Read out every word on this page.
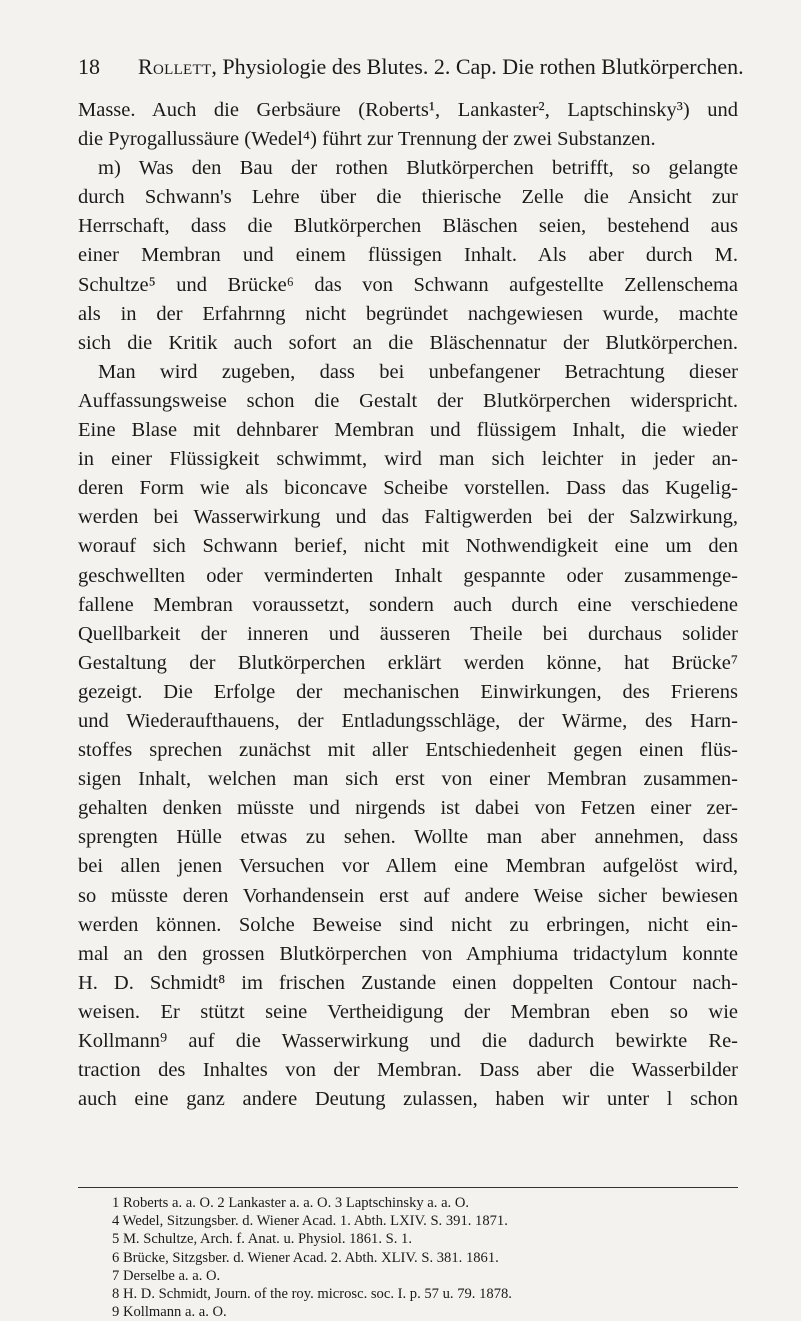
18 Rollett, Physiologie des Blutes. 2. Cap. Die rothen Blutkörperchen.
Masse. Auch die Gerbsäure (Roberts¹, Lankaster², Laptschinsky³) und
die Pyrogallussäure (Wedel⁴) führt zur Trennung der zwei Substanzen.
m) Was den Bau der rothen Blutkörperchen betrifft, so gelangte
durch Schwann's Lehre über die thierische Zelle die Ansicht zur
Herrschaft, dass die Blutkörperchen Bläschen seien, bestehend aus
einer Membran und einem flüssigen Inhalt. Als aber durch M.
Schultze⁵ und Brücke⁶ das von Schwann aufgestellte Zellenschema
als in der Erfahrnng nicht begründet nachgewiesen wurde, machte
sich die Kritik auch sofort an die Bläschennatur der Blutkörperchen.
Man wird zugeben, dass bei unbefangener Betrachtung dieser
Auffassungsweise schon die Gestalt der Blutkörperchen widerspricht.
Eine Blase mit dehnbarer Membran und flüssigem Inhalt, die wieder
in einer Flüssigkeit schwimmt, wird man sich leichter in jeder an-
deren Form wie als biconcave Scheibe vorstellen. Dass das Kugelig-
werden bei Wasserwirkung und das Faltigwerden bei der Salzwirkung,
worauf sich Schwann berief, nicht mit Nothwendigkeit eine um den
geschwellten oder verminderten Inhalt gespannte oder zusammenge-
fallene Membran voraussetzt, sondern auch durch eine verschiedene
Quellbarkeit der inneren und äusseren Theile bei durchaus solider
Gestaltung der Blutkörperchen erklärt werden könne, hat Brücke⁷
gezeigt. Die Erfolge der mechanischen Einwirkungen, des Frierens
und Wiederaufthauens, der Entladungsschläge, der Wärme, des Harn-
stoffes sprechen zunächst mit aller Entschiedenheit gegen einen flüs-
sigen Inhalt, welchen man sich erst von einer Membran zusammen-
gehalten denken müsste und nirgends ist dabei von Fetzen einer zer-
sprengten Hülle etwas zu sehen. Wollte man aber annehmen, dass
bei allen jenen Versuchen vor Allem eine Membran aufgelöst wird,
so müsste deren Vorhandensein erst auf andere Weise sicher bewiesen
werden können. Solche Beweise sind nicht zu erbringen, nicht ein-
mal an den grossen Blutkörperchen von Amphiuma tridactylum konnte
H. D. Schmidt⁸ im frischen Zustande einen doppelten Contour nach-
weisen. Er stützt seine Vertheidigung der Membran eben so wie
Kollmann⁹ auf die Wasserwirkung und die dadurch bewirkte Re-
traction des Inhaltes von der Membran. Dass aber die Wasserbilder
auch eine ganz andere Deutung zulassen, haben wir unter l schon
1 Roberts a. a. O. 2 Lankaster a. a. O. 3 Laptschinsky a. a. O.
4 Wedel, Sitzungsber. d. Wiener Acad. 1. Abth. LXIV. S. 391. 1871.
5 M. Schultze, Arch. f. Anat. u. Physiol. 1861. S. 1.
6 Brücke, Sitzgsber. d. Wiener Acad. 2. Abth. XLIV. S. 381. 1861.
7 Derselbe a. a. O.
8 H. D. Schmidt, Journ. of the roy. microsc. soc. I. p. 57 u. 79. 1878.
9 Kollmann a. a. O.
